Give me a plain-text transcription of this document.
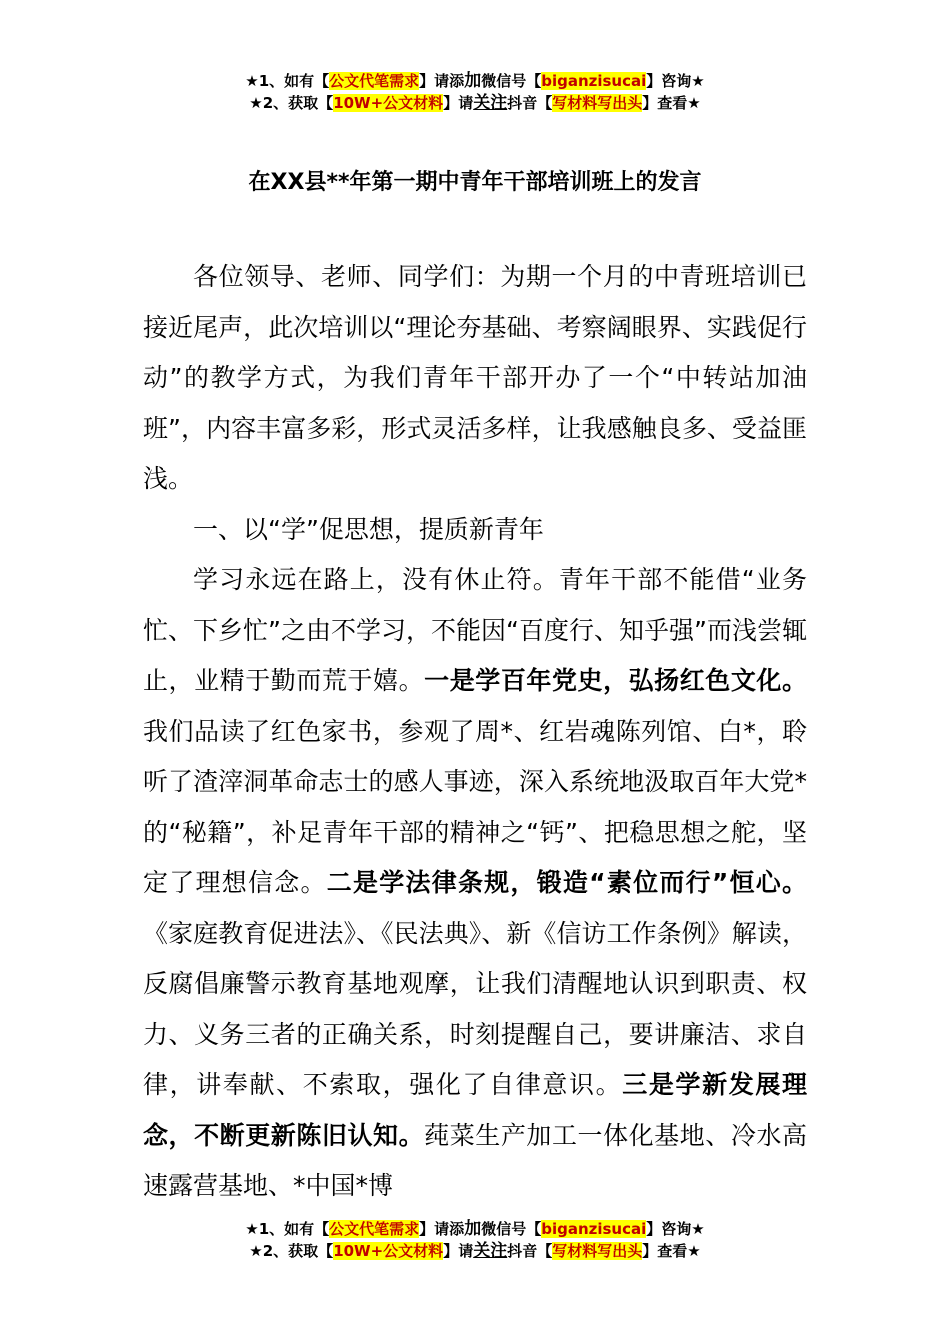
★1、如有【公文代笔需求】请添加微信号【biganzisucai】咨询★
★2、获取【10W+公文材料】请关注抖音【写材料写出头】查看★
在XX县**年第一期中青年干部培训班上的发言

各位领导、老师、同学们：为期一个月的中青班培训已接近尾声，此次培训以“理论夯基础、考察阔眼界、实践促行动”的教学方式，为我们青年干部开办了一个“中转站加油班”，内容丰富多彩，形式灵活多样，让我感触良多、受益匪浅。

一、以“学”促思想，提质新青年

学习永远在路上，没有休止符。青年干部不能借“业务忙、下乡忙”之由不学习，不能因“百度行、知乎强”而浅尝辄止，业精于勤而荒于嬉。一是学百年党史，弘扬红色文化。我们品读了红色家书，参观了周*、红岩魂陈列馆、白*，聆听了渣滓洞革命志士的感人事迹，深入系统地汲取百年大党*的“秘籍”，补足青年干部的精神之“钙”、把稳思想之舵，坚定了理想信念。二是学法律条规，锻造“素位而行”恒心。《家庭教育促进法》、《民法典》、新《信访工作条例》解读，反腐倡廉警示教育基地观摩，让我们清醒地认识到职责、权力、义务三者的正确关系，时刻提醒自己，要讲廉洁、求自律，讲奉献、不索取，强化了自律意识。三是学新发展理念，不断更新陈旧认知。莼菜生产加工一体化基地、冷水高速露营基地、*中国*博

★1、如有【公文代笔需求】请添加微信号【biganzisucai】咨询★
★2、获取【10W+公文材料】请关注抖音【写材料写出头】查看★
